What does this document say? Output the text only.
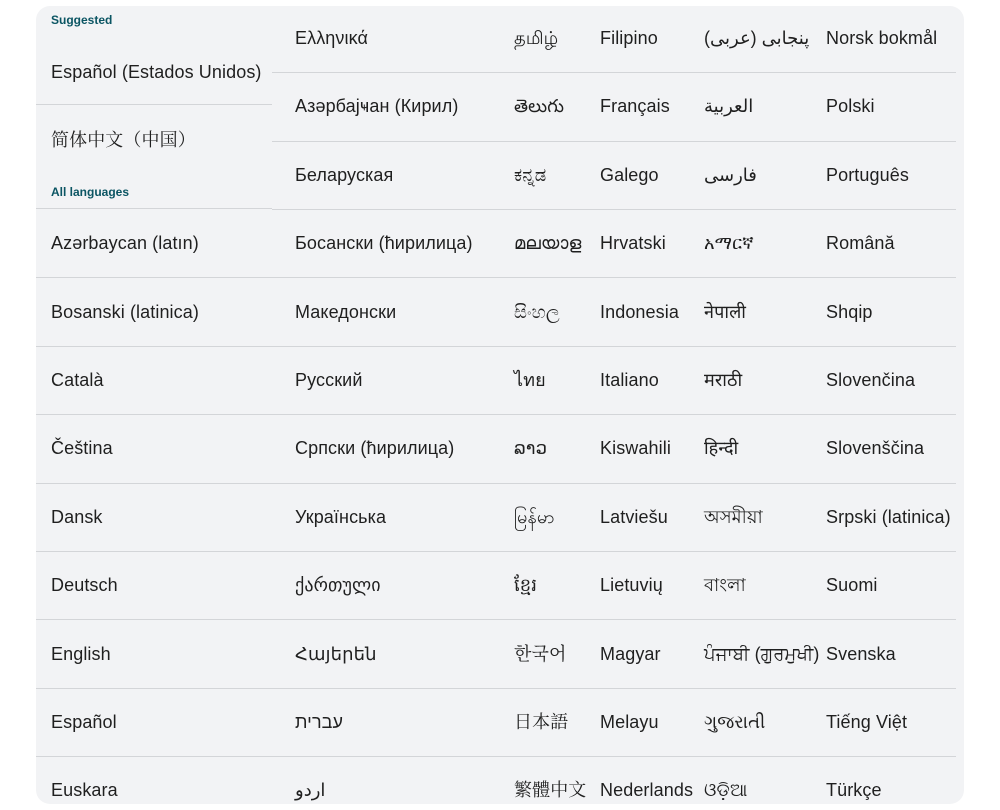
Suggested
All languages
Español (Estados Unidos)
简体中文（中国）
Azərbaycan (latın)
Bosanski (latinica)
Català
Čeština
Dansk
Deutsch
English
Español
Euskara
Ελληνικά
Азәрбајҹан (Кирил)
Беларуская
Босански (ћирилица)
Македонски
Русский
Српски (ћирилица)
Українська
ქართული
Հայերեն
עברית
اردو
தமிழ்
తెలుగు
ಕನ್ನಡ
മലയാള
සිංහල
ไทย
ລາວ
မြန်မာ
ខ្មែរ
한국어
日本語
繁體中文
Filipino
Français
Galego
Hrvatski
Indonesia
Italiano
Kiswahili
Latviešu
Lietuvių
Magyar
Melayu
Nederlands
پنجابی (عربی)
العربية
فارسی
አማርኛ
नेपाली
मराठी
हिन्दी
অসমীয়া
বাংলা
ਪੰਜਾਬੀ (ਗੁਰਮੁਖੀ)
ગુજરાતી
ଓଡ଼ିଆ
Norsk bokmål
Polski
Português
Română
Shqip
Slovenčina
Slovenščina
Srpski (latinica)
Suomi
Svenska
Tiếng Việt
Türkçe
